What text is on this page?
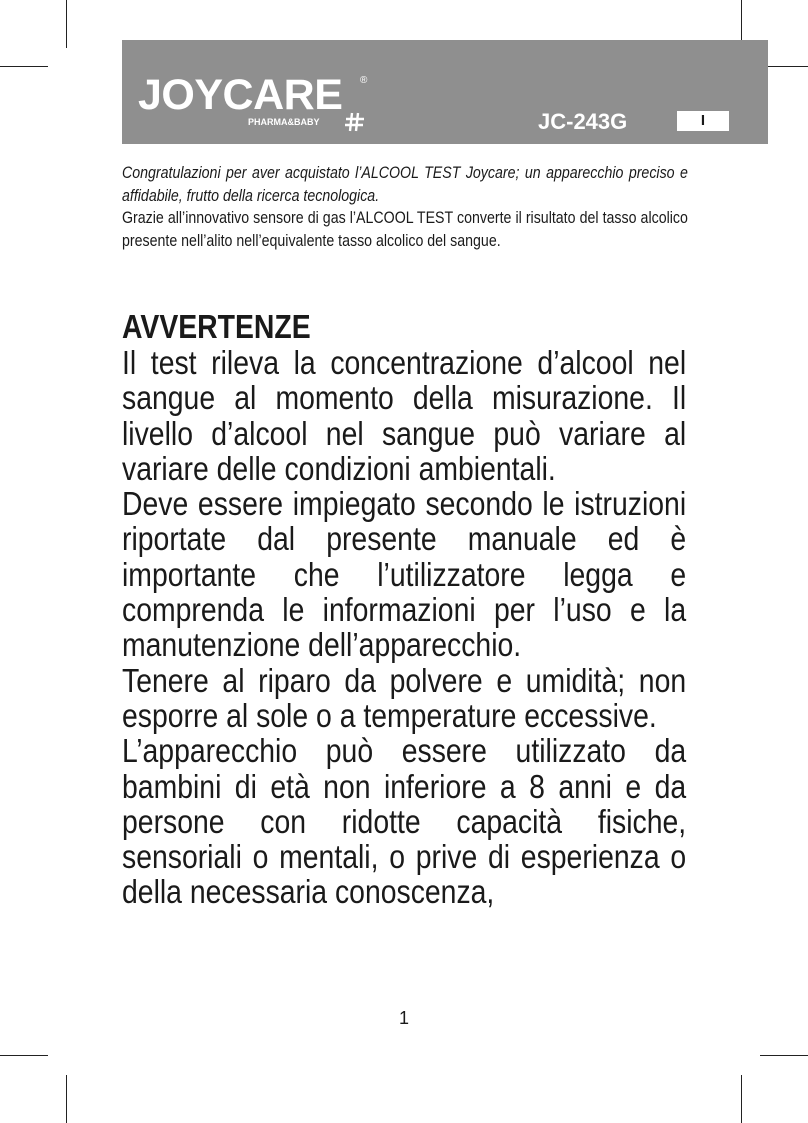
JOYCARE ®
PHARMA&BABY	JC-243G	I

Congratulazioni per aver acquistato l’ALCOOL TEST Joycare; un apparecchio preciso e affidabile, frutto della ricerca tecnologica.

Grazie all’innovativo sensore di gas l’ALCOOL TEST converte il risultato del tasso alcolico presente nell’alito nell’equivalente tasso alcolico del sangue.

AVVERTENZE

Il test rileva la concentrazione d’alcool nel sangue al momento della misurazione. Il livello d’alcool nel sangue può variare al variare delle condizioni ambientali.

Deve essere impiegato secondo le istruzioni riportate dal presente manuale ed è importante che l’utilizzatore legga e comprenda le informazioni per l’uso e la manutenzione dell’apparecchio.

Tenere al riparo da polvere e umidità; non esporre al sole o a temperature eccessive.

L’apparecchio può essere utilizzato da bambini di età non inferiore a 8 anni e da persone con ridotte capacità fisiche, sensoriali o mentali, o prive di esperienza o della necessaria conoscenza,

1
